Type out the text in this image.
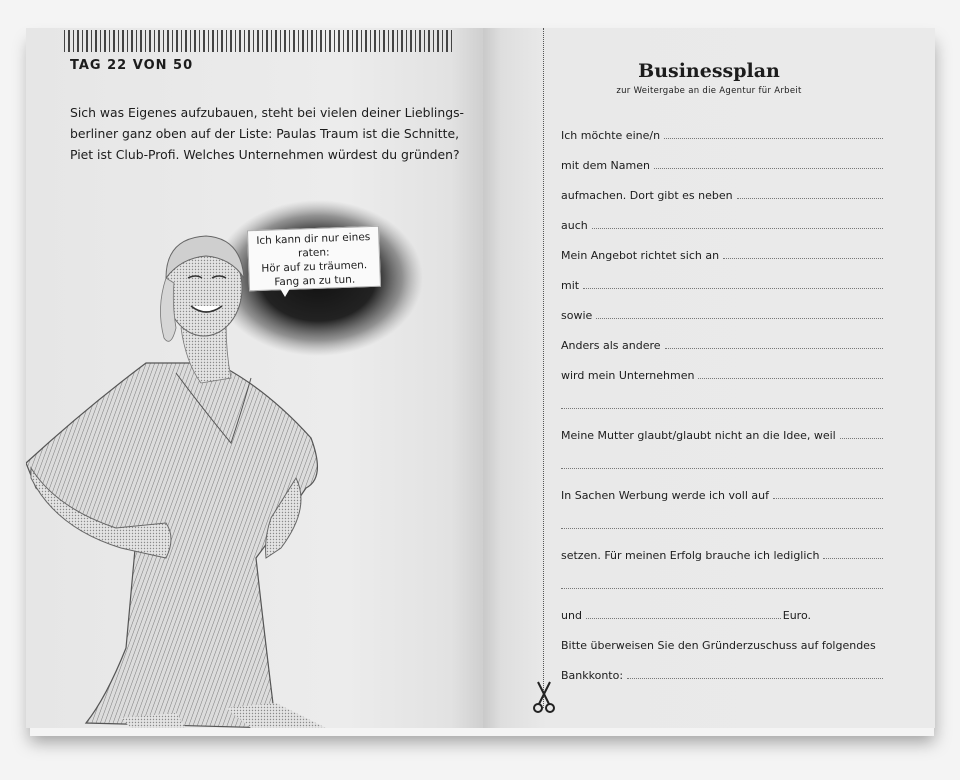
TAG 22 VON 50
Sich was Eigenes aufzubauen, steht bei vielen deiner Lieblings-
berliner ganz oben auf der Liste: Paulas Traum ist die Schnitte,
Piet ist Club-Profi. Welches Unternehmen würdest du gründen?
Ich kann dir nur eines raten:
Hör auf zu träumen.
Fang an zu tun.
Businessplan
zur Weitergabe an die Agentur für Arbeit
Ich möchte eine/n
mit dem Namen
aufmachen. Dort gibt es neben
auch
Mein Angebot richtet sich an
mit
sowie
Anders als andere
wird mein Unternehmen
Meine Mutter glaubt/glaubt nicht an die Idee, weil
In Sachen Werbung werde ich voll auf
setzen. Für meinen Erfolg brauche ich lediglich
und	Euro.
Bitte überweisen Sie den Gründerzuschuss auf folgendes
Bankkonto:
